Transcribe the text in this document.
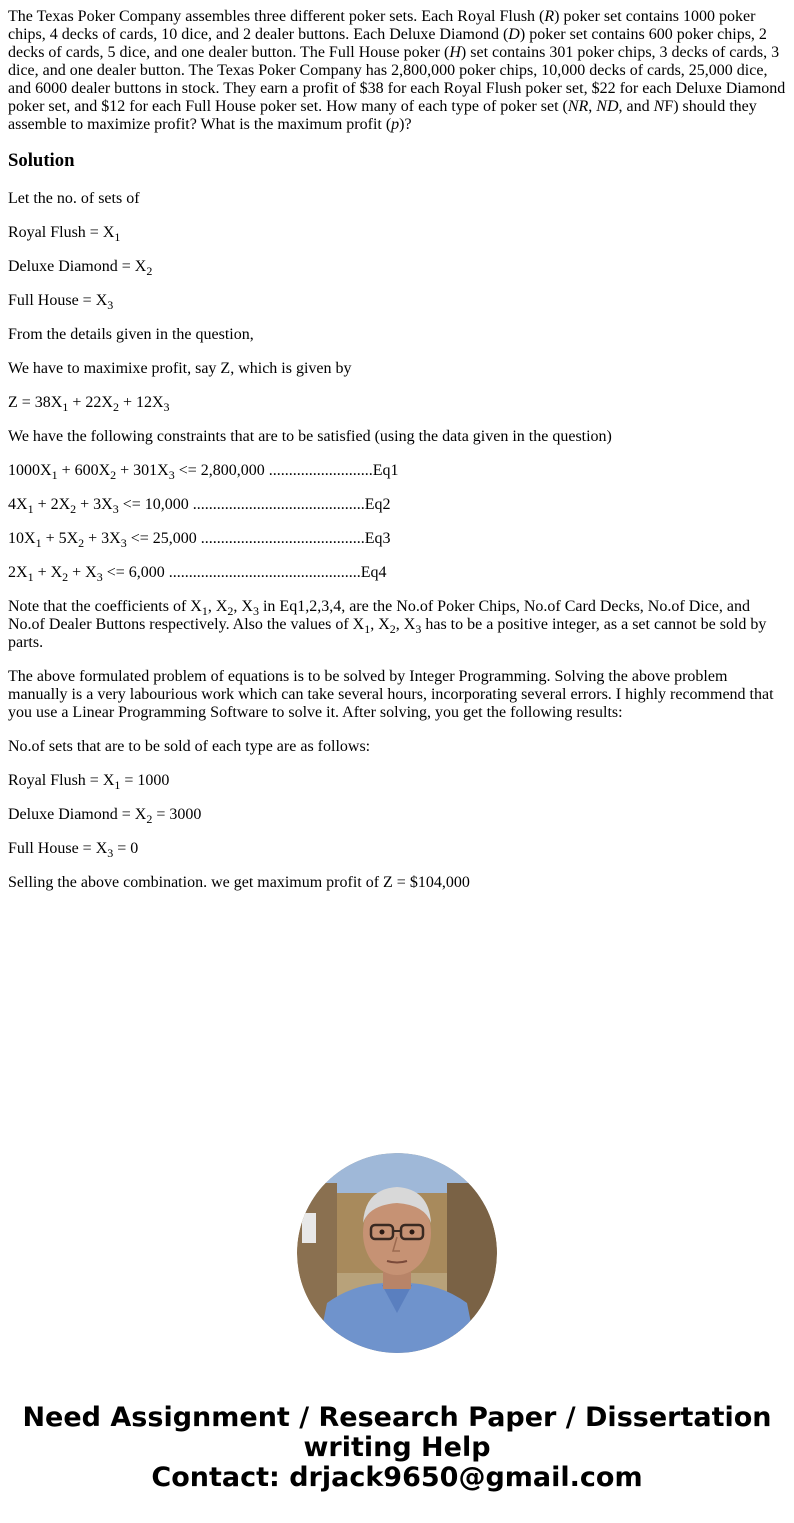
The Texas Poker Company assembles three different poker sets. Each Royal Flush (R) poker set contains 1000 poker chips, 4 decks of cards, 10 dice, and 2 dealer buttons. Each Deluxe Diamond (D) poker set contains 600 poker chips, 2 decks of cards, 5 dice, and one dealer button. The Full House poker (H) set contains 301 poker chips, 3 decks of cards, 3 dice, and one dealer button. The Texas Poker Company has 2,800,000 poker chips, 10,000 decks of cards, 25,000 dice, and 6000 dealer buttons in stock. They earn a profit of $38 for each Royal Flush poker set, $22 for each Deluxe Diamond poker set, and $12 for each Full House poker set. How many of each type of poker set (NR, ND, and NF) should they assemble to maximize profit? What is the maximum profit (p)?
Solution

Let the no. of sets of

Royal Flush = $X_1$

Deluxe Diamond = $X_2$

Full House = $X_3$

From the details given in the question,

We have to maximixe profit, say Z, which is given by

$Z = 38X_1 + 22X_2 + 12X_3$

We have the following constraints that are to be satisfied (using the data given in the question)

$1000X_1 + 600X_2 + 301X_3 <= 2,800,000$ ..........................Eq1

$4X_1 + 2X_2 + 3X_3 <= 10,000$ ...........................................Eq2

$10X_1 + 5X_2 + 3X_3 <= 25,000$ .........................................Eq3

$2X_1 + X_2 + X_3 <= 6,000$ ................................................Eq4

Note that the coefficients of $X_1$, $X_2$, $X_3$ in Eq1,2,3,4, are the No.of Poker Chips, No.of Card Decks, No.of Dice, and No.of Dealer Buttons respectively. Also the values of $X_1$, $X_2$, $X_3$ has to be a positive integer, as a set cannot be sold by parts.

The above formulated problem of equations is to be solved by Integer Programming. Solving the above problem manually is a very labourious work which can take several hours, incorporating several errors. I highly recommend that you use a Linear Programming Software to solve it. After solving, you get the following results:

No.of sets that are to be sold of each type are as follows:

Royal Flush = $X_1 = 1000$

Deluxe Diamond = $X_2 = 3000$

Full House = $X_3 = 0$

Selling the above combination. we get maximum profit of Z = $104,000

Need Assignment / Research Paper / Dissertation
writing Help
Contact: drjack9650@gmail.com
